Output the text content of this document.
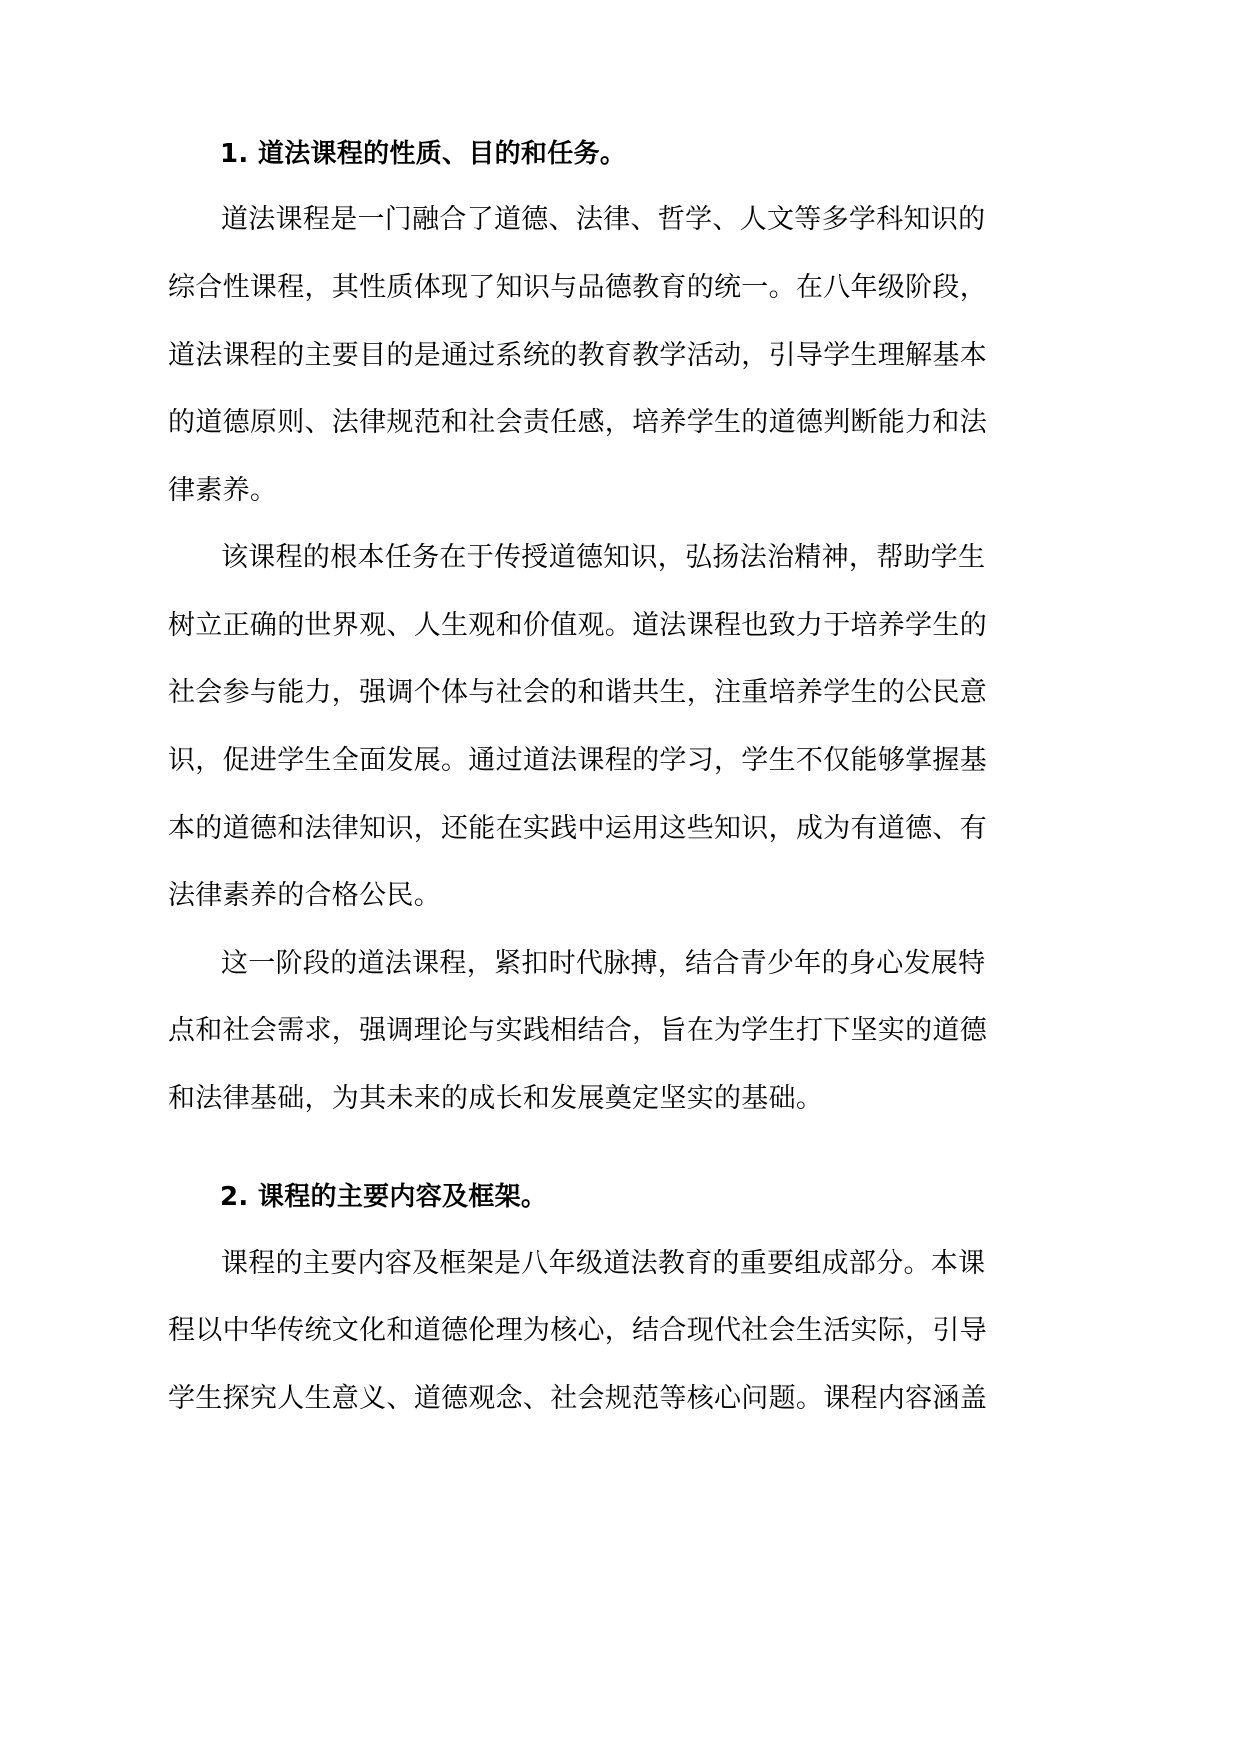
1. 道法课程的性质、目的和任务。
道法课程是一门融合了道德、法律、哲学、人文等多学科知识的
综合性课程，其性质体现了知识与品德教育的统一。在八年级阶段，
道法课程的主要目的是通过系统的教育教学活动，引导学生理解基本
的道德原则、法律规范和社会责任感，培养学生的道德判断能力和法
律素养。
该课程的根本任务在于传授道德知识，弘扬法治精神，帮助学生
树立正确的世界观、人生观和价值观。道法课程也致力于培养学生的
社会参与能力，强调个体与社会的和谐共生，注重培养学生的公民意
识，促进学生全面发展。通过道法课程的学习，学生不仅能够掌握基
本的道德和法律知识，还能在实践中运用这些知识，成为有道德、有
法律素养的合格公民。
这一阶段的道法课程，紧扣时代脉搏，结合青少年的身心发展特
点和社会需求，强调理论与实践相结合，旨在为学生打下坚实的道德
和法律基础，为其未来的成长和发展奠定坚实的基础。
2. 课程的主要内容及框架。
课程的主要内容及框架是八年级道法教育的重要组成部分。本课
程以中华传统文化和道德伦理为核心，结合现代社会生活实际，引导
学生探究人生意义、道德观念、社会规范等核心问题。课程内容涵盖
